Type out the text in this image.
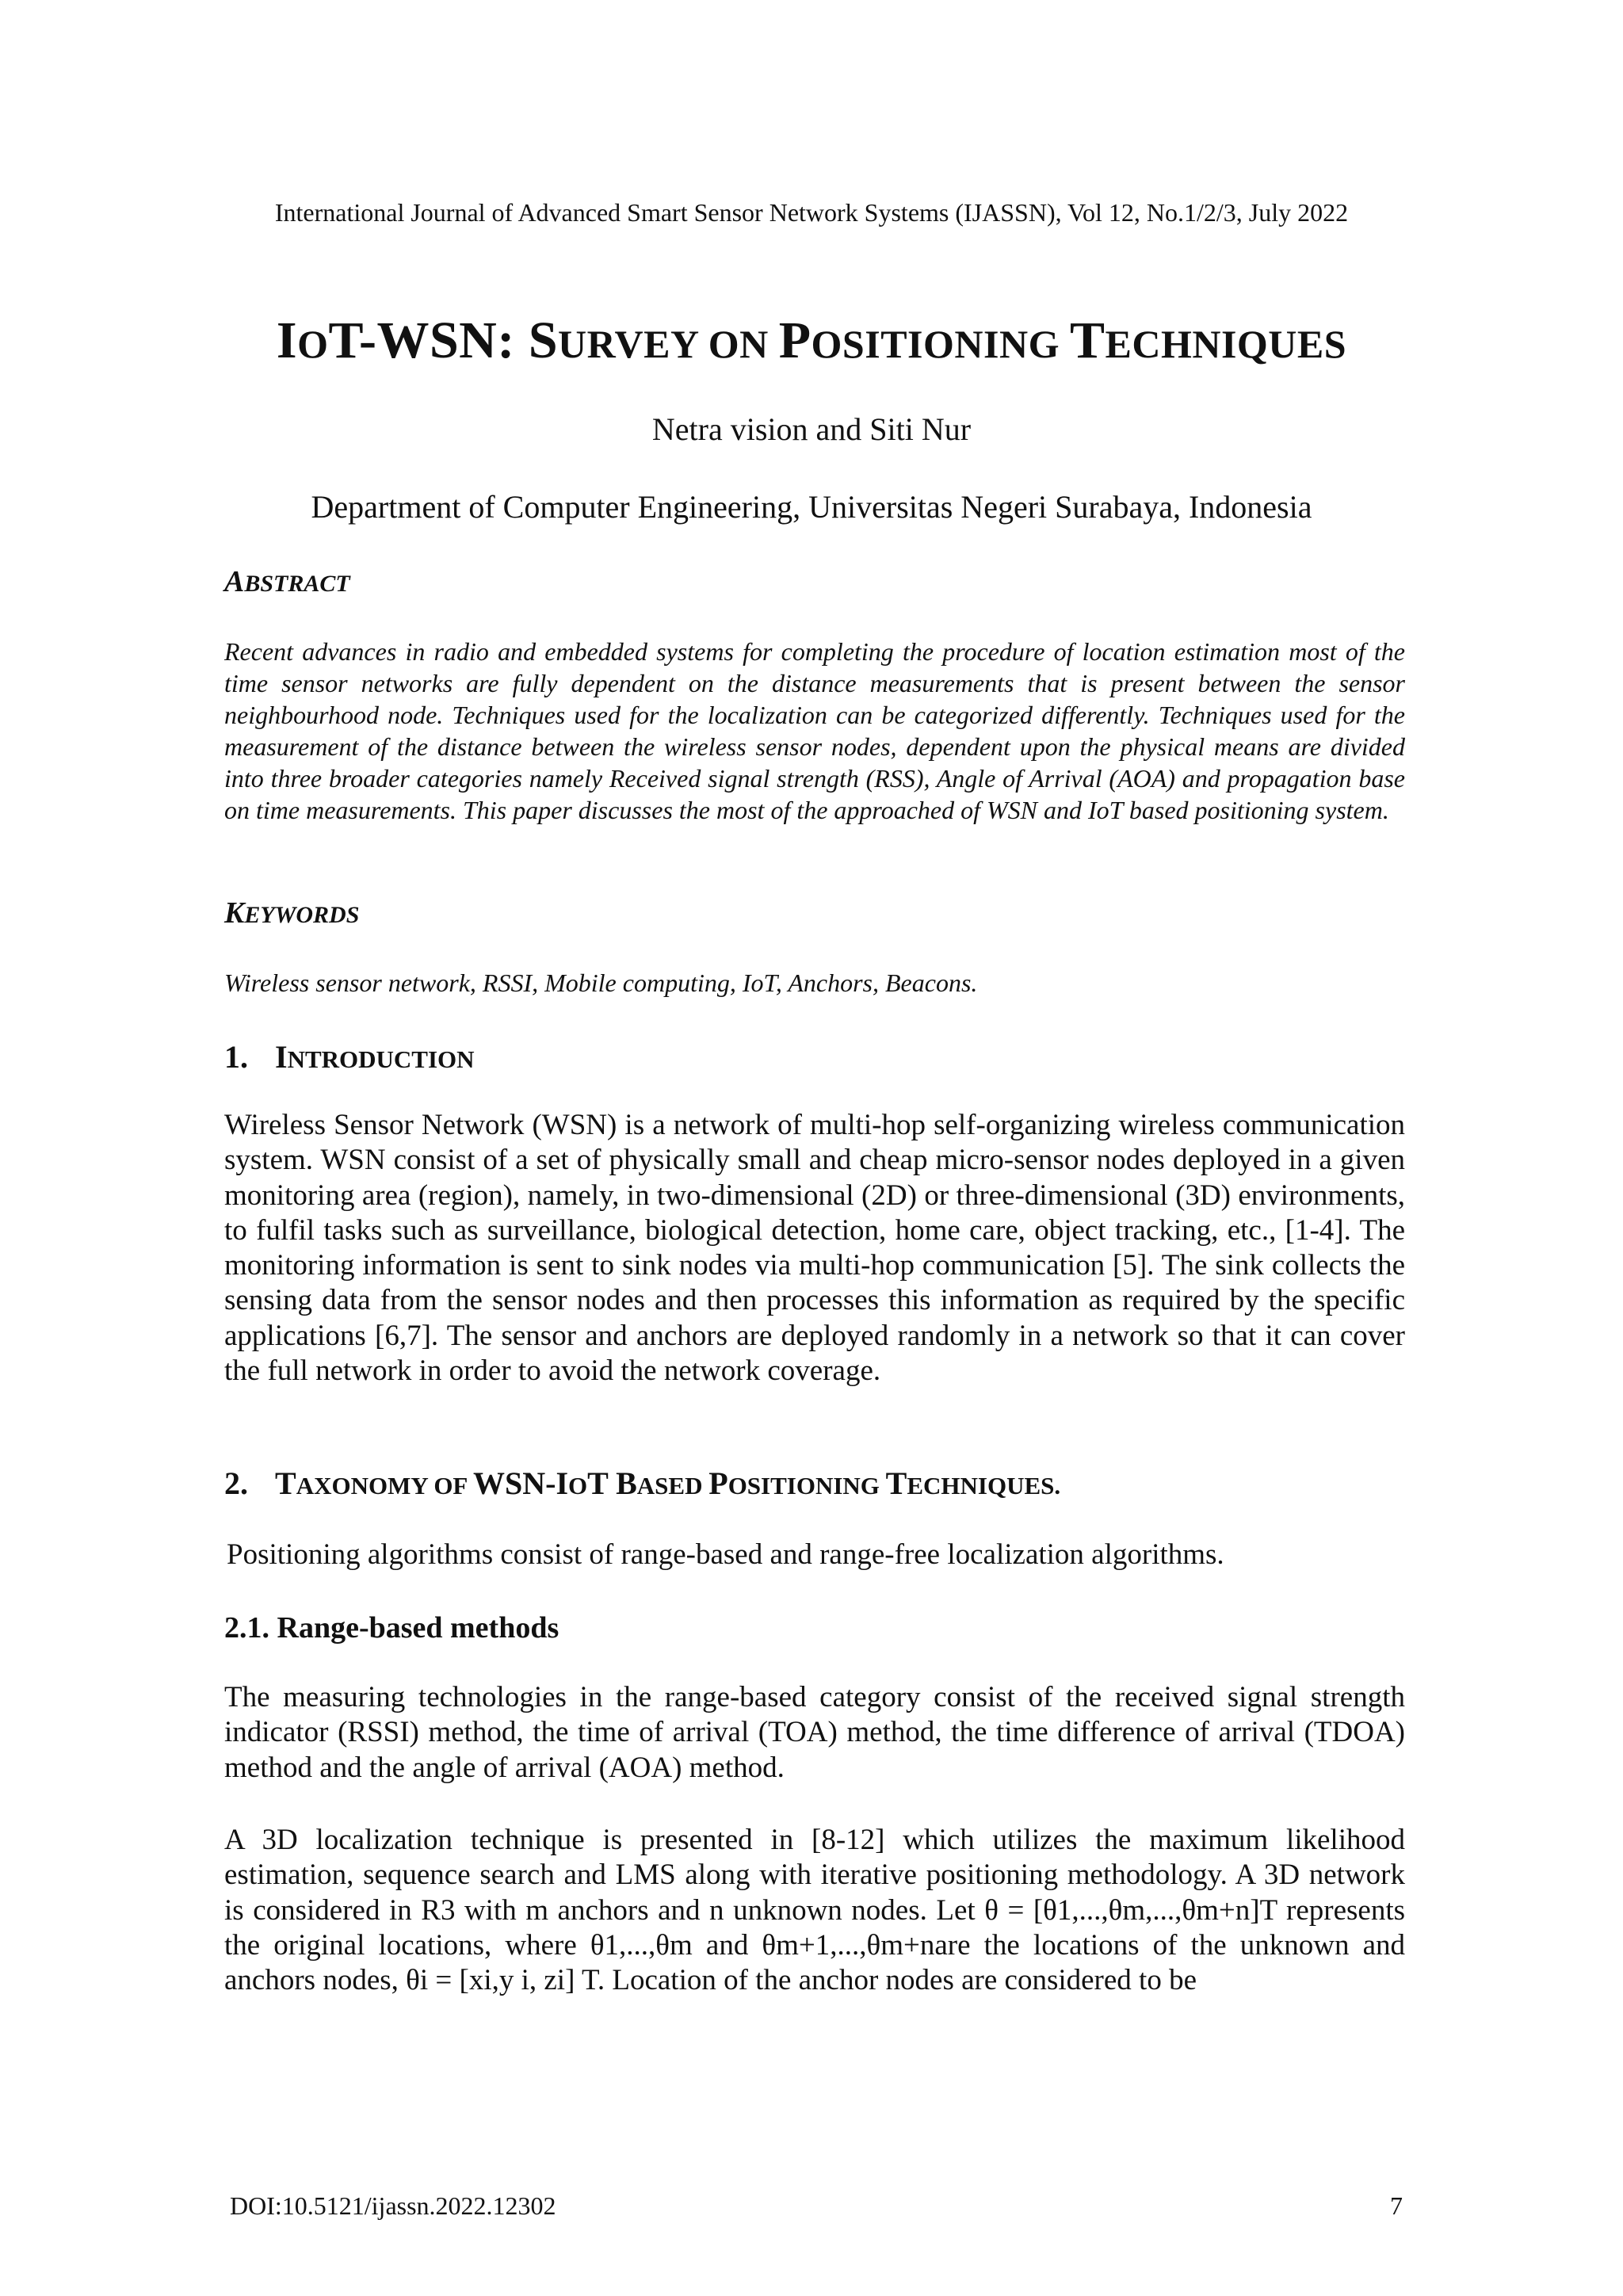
International Journal of Advanced Smart Sensor Network Systems (IJASSN), Vol 12, No.1/2/3, July 2022
IOT-WSN: SURVEY ON POSITIONING TECHNIQUES
Netra vision and Siti Nur
Department of Computer Engineering, Universitas Negeri Surabaya, Indonesia

ABSTRACT

Recent advances in radio and embedded systems for completing the procedure of location estimation most of the time sensor networks are fully dependent on the distance measurements that is present between the sensor neighbourhood node. Techniques used for the localization can be categorized differently. Techniques used for the measurement of the distance between the wireless sensor nodes, dependent upon the physical means are divided into three broader categories namely Received signal strength (RSS), Angle of Arrival (AOA) and propagation base on time measurements. This paper discusses the most of the approached of WSN and IoT based positioning system.

KEYWORDS

Wireless sensor network, RSSI, Mobile computing, IoT, Anchors, Beacons.

1. INTRODUCTION

Wireless Sensor Network (WSN) is a network of multi-hop self-organizing wireless communication system. WSN consist of a set of physically small and cheap micro-sensor nodes deployed in a given monitoring area (region), namely, in two-dimensional (2D) or three-dimensional (3D) environments, to fulfil tasks such as surveillance, biological detection, home care, object tracking, etc., [1-4]. The monitoring information is sent to sink nodes via multi-hop communication [5]. The sink collects the sensing data from the sensor nodes and then processes this information as required by the specific applications [6,7]. The sensor and anchors are deployed randomly in a network so that it can cover the full network in order to avoid the network coverage.

2. TAXONOMY OF WSN-IOT BASED POSITIONING TECHNIQUES.

Positioning algorithms consist of range-based and range-free localization algorithms.

2.1. Range-based methods

The measuring technologies in the range-based category consist of the received signal strength indicator (RSSI) method, the time of arrival (TOA) method, the time difference of arrival (TDOA) method and the angle of arrival (AOA) method.

A 3D localization technique is presented in [8-12] which utilizes the maximum likelihood estimation, sequence search and LMS along with iterative positioning methodology. A 3D network is considered in R3 with m anchors and n unknown nodes. Let θ = [θ1,...,θm,...,θm+n]T represents the original locations, where θ1,...,θm and θm+1,...,θm+nare the locations of the unknown and anchors nodes, θi = [xi,y i, zi] T. Location of the anchor nodes are considered to be

DOI:10.5121/ijassn.2022.12302	7
